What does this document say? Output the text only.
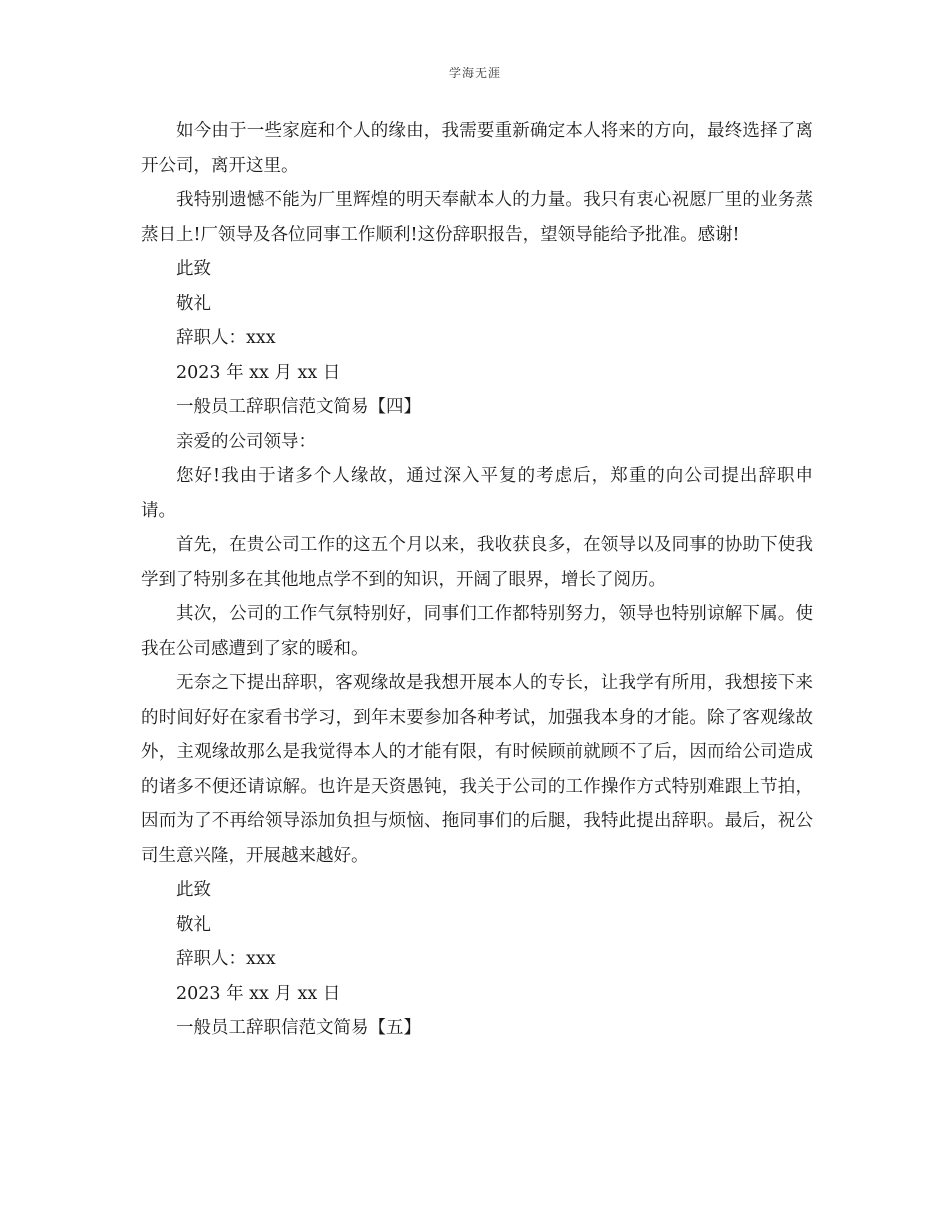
学海无涯

如今由于一些家庭和个人的缘由，我需要重新确定本人将来的方向，最终选择了离开公司，离开这里。

我特别遗憾不能为厂里辉煌的明天奉献本人的力量。我只有衷心祝愿厂里的业务蒸蒸日上!厂领导及各位同事工作顺利!这份辞职报告，望领导能给予批准。感谢!

此致

敬礼

辞职人：xxx

2023 年 xx 月 xx 日

一般员工辞职信范文简易【四】

亲爱的公司领导：

您好!我由于诸多个人缘故，通过深入平复的考虑后，郑重的向公司提出辞职申请。

首先，在贵公司工作的这五个月以来，我收获良多，在领导以及同事的协助下使我学到了特别多在其他地点学不到的知识，开阔了眼界，增长了阅历。

其次，公司的工作气氛特别好，同事们工作都特别努力，领导也特别谅解下属。使我在公司感遭到了家的暖和。

无奈之下提出辞职，客观缘故是我想开展本人的专长，让我学有所用，我想接下来的时间好好在家看书学习，到年末要参加各种考试，加强我本身的才能。除了客观缘故外，主观缘故那么是我觉得本人的才能有限，有时候顾前就顾不了后，因而给公司造成的诸多不便还请谅解。也许是天资愚钝，我关于公司的工作操作方式特别难跟上节拍，因而为了不再给领导添加负担与烦恼、拖同事们的后腿，我特此提出辞职。最后，祝公司生意兴隆，开展越来越好。

此致

敬礼

辞职人：xxx

2023 年 xx 月 xx 日

一般员工辞职信范文简易【五】
